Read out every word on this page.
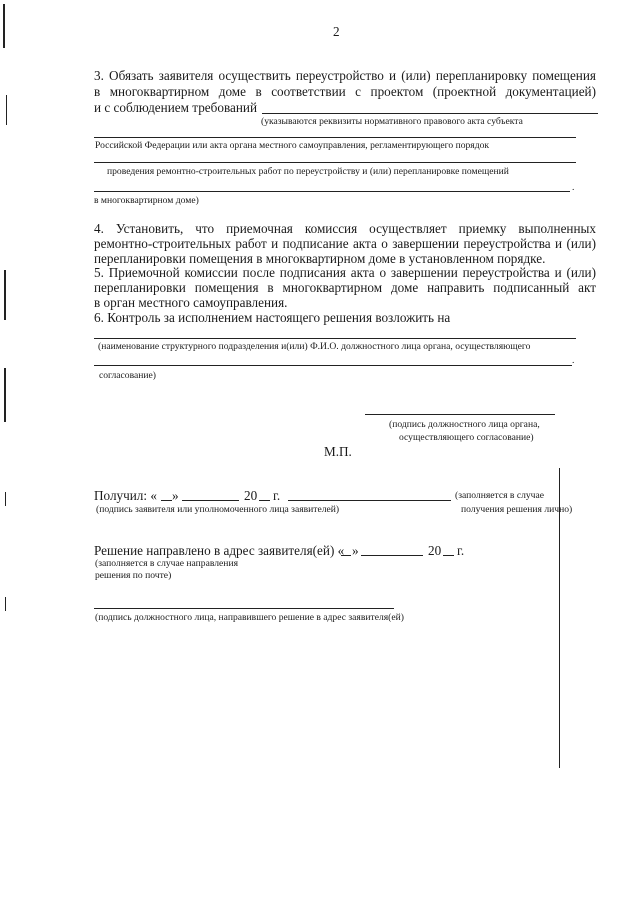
2
3. Обязать заявителя осуществить переустройство и (или) перепланировку помещения
в многоквартирном доме в соответствии с проектом (проектной документацией)
и с соблюдением требований
(указываются реквизиты нормативного правового акта субъекта
Российской Федерации или акта органа местного самоуправления, регламентирующего порядок
проведения ремонтно-строительных работ по переустройству и (или) перепланировке помещений
.
в многоквартирном доме)
4. Установить, что приемочная комиссия осуществляет приемку выполненных
ремонтно-строительных работ и подписание акта о завершении переустройства и (или)
перепланировки помещения в многоквартирном доме в установленном порядке.
5. Приемочной комиссии после подписания акта о завершении переустройства и (или)
перепланировки помещения в многоквартирном доме направить подписанный акт
в орган местного самоуправления.
6. Контроль за исполнением настоящего решения возложить на
(наименование структурного подразделения и(или) Ф.И.О. должностного лица органа, осуществляющего
.
согласование)
(подпись должностного лица органа,
осуществляющего согласование)
М.П.
Получил: « »	20 г.	(заполняется в случае
(подпись заявителя или уполномоченного лица заявителей)	получения решения лично)
Решение направлено в адрес заявителя(ей) « »	20 г.
(заполняется в случае направления
решения по почте)
(подпись должностного лица, направившего решение в адрес заявителя(ей)
